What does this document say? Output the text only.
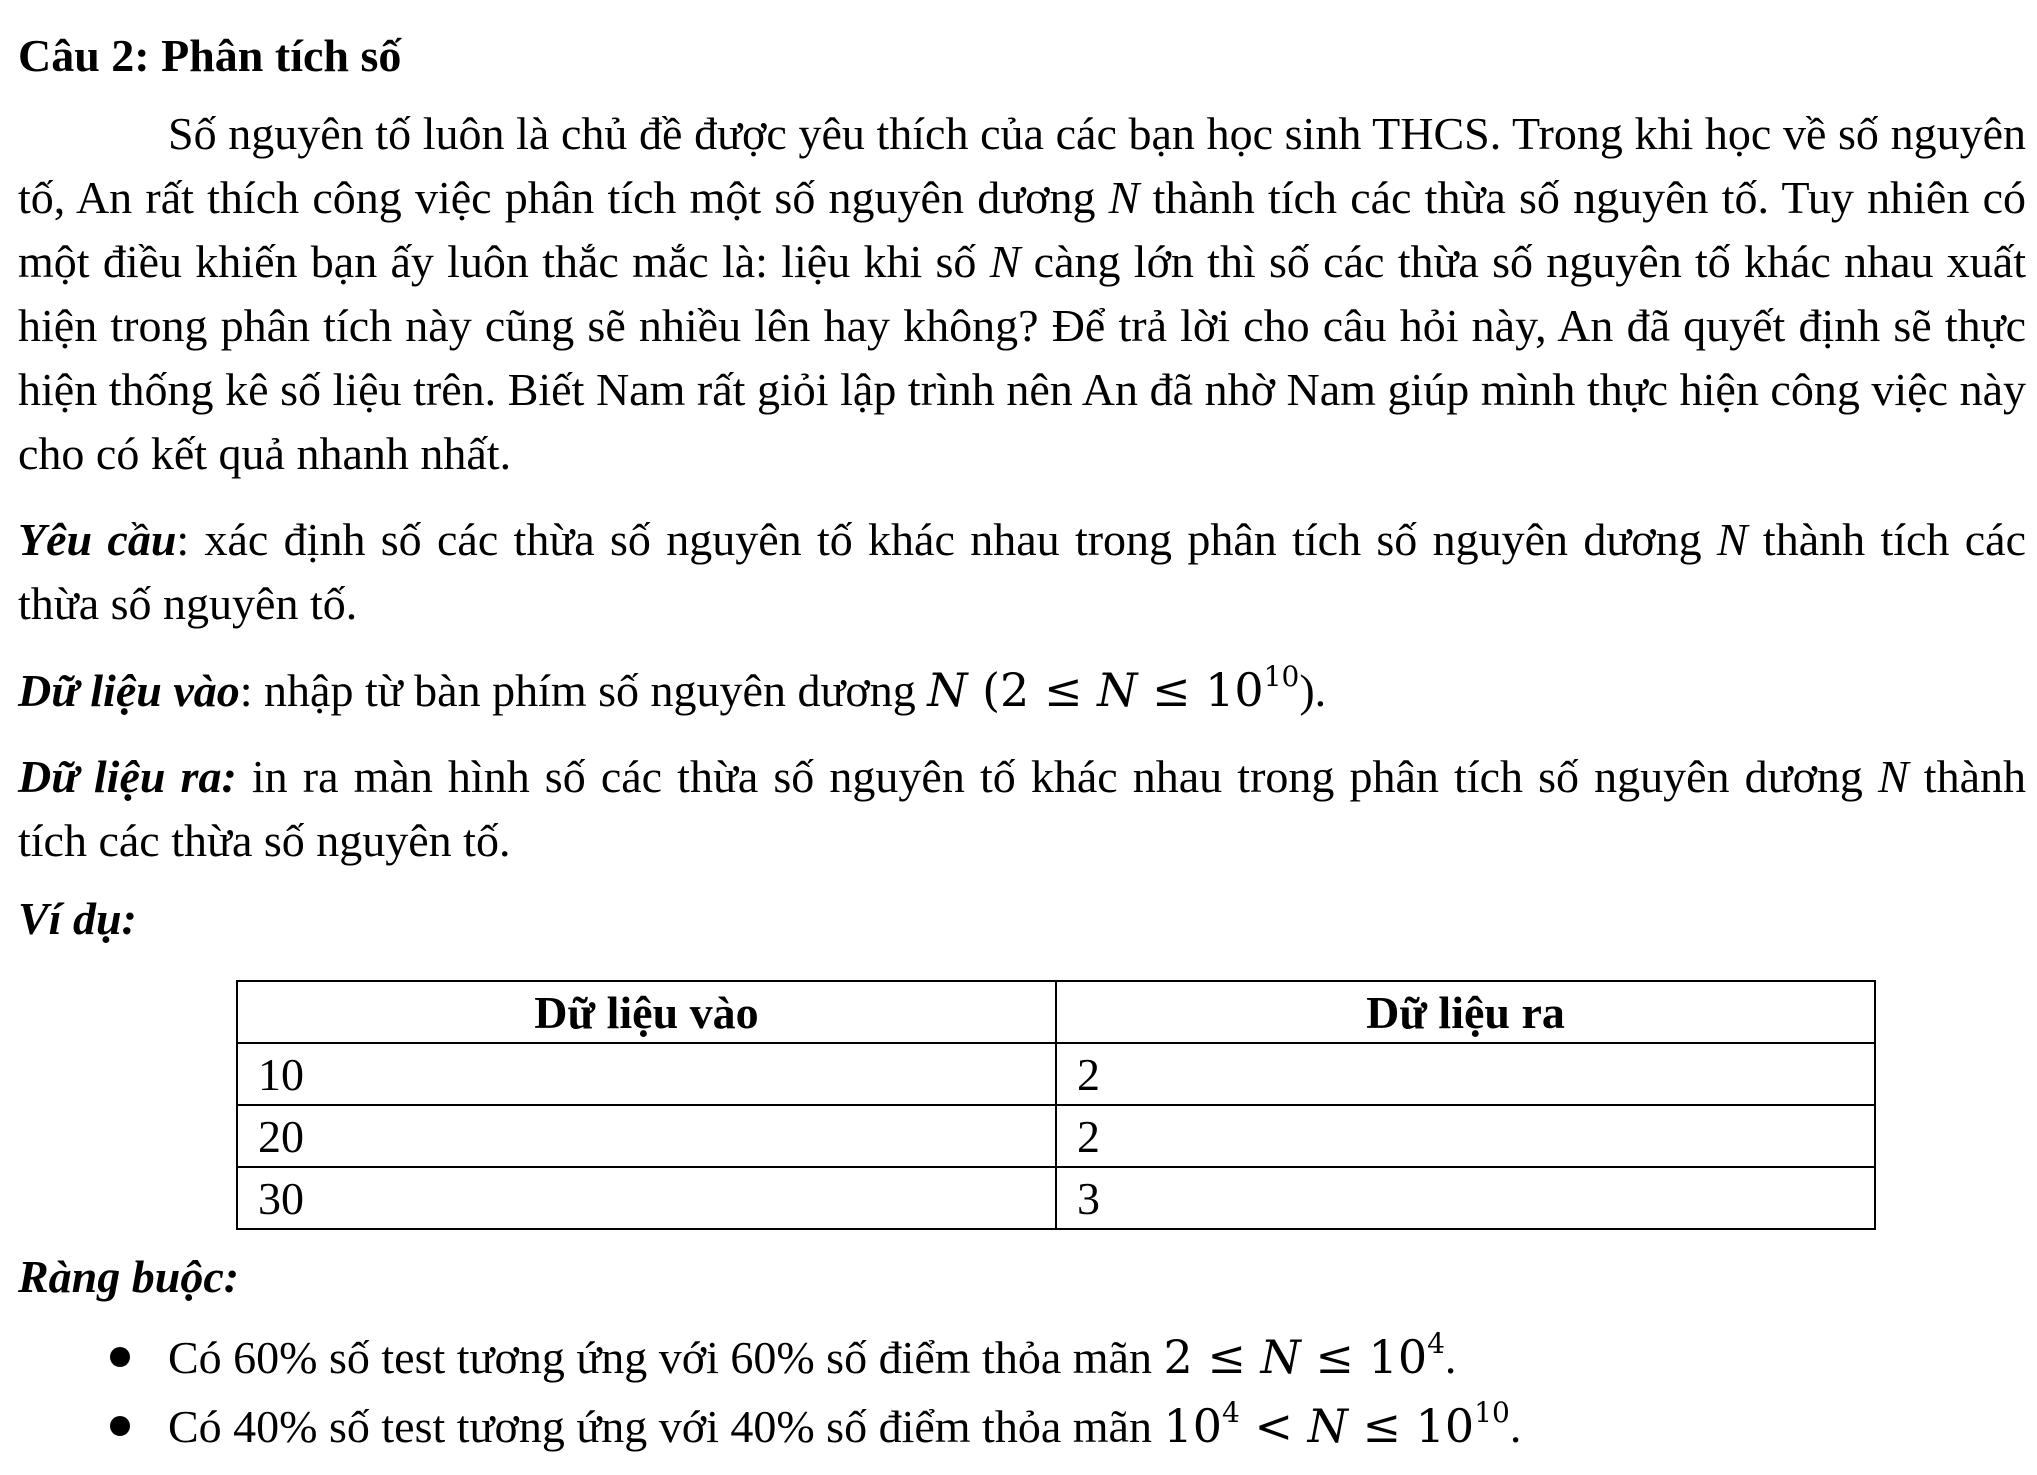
Câu 2: Phân tích số

Số nguyên tố luôn là chủ đề được yêu thích của các bạn học sinh THCS. Trong khi học về số nguyên tố, An rất thích công việc phân tích một số nguyên dương N thành tích các thừa số nguyên tố. Tuy nhiên có một điều khiến bạn ấy luôn thắc mắc là: liệu khi số N càng lớn thì số các thừa số nguyên tố khác nhau xuất hiện trong phân tích này cũng sẽ nhiều lên hay không? Để trả lời cho câu hỏi này, An đã quyết định sẽ thực hiện thống kê số liệu trên. Biết Nam rất giỏi lập trình nên An đã nhờ Nam giúp mình thực hiện công việc này cho có kết quả nhanh nhất.

Yêu cầu: xác định số các thừa số nguyên tố khác nhau trong phân tích số nguyên dương N thành tích các thừa số nguyên tố.

Dữ liệu vào: nhập từ bàn phím số nguyên dương N $(2 \le N \le 10^{10})$.

Dữ liệu ra: in ra màn hình số các thừa số nguyên tố khác nhau trong phân tích số nguyên dương N thành tích các thừa số nguyên tố.

Ví dụ:
Dữ liệu vào	Dữ liệu ra
10	2
20	2
30	3
Ràng buộc:
Có 60% số test tương ứng với 60% số điểm thỏa mãn $2 \le N \le 10^4$.
Có 40% số test tương ứng với 40% số điểm thỏa mãn $10^4 < N \le 10^{10}$.
